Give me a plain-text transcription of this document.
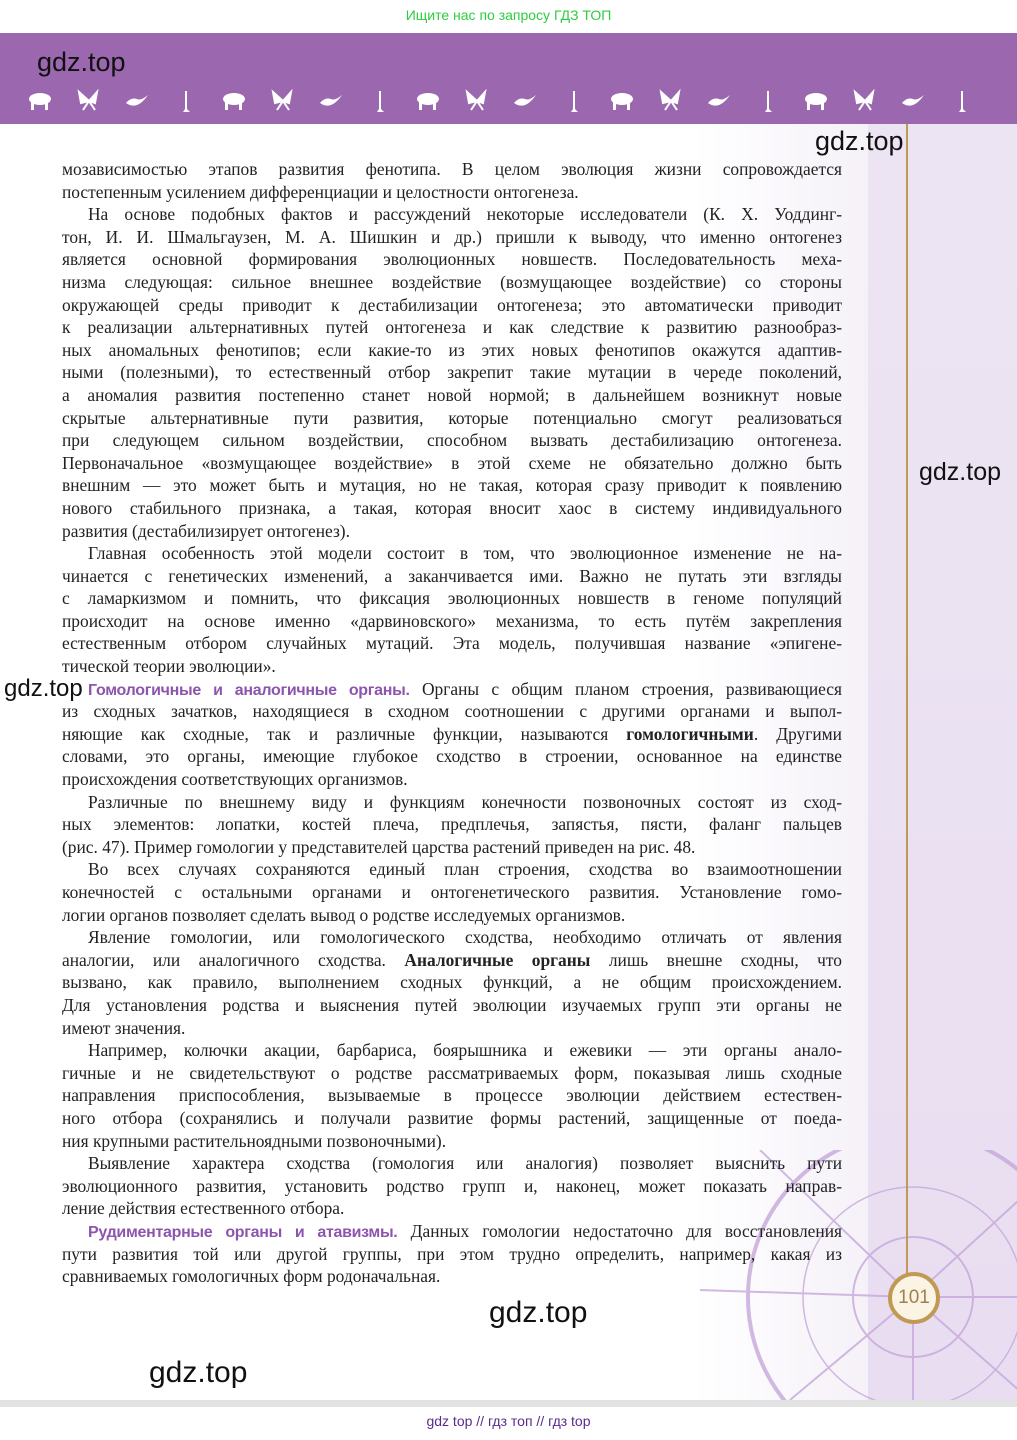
Ищите нас по запросу ГДЗ ТОП
gdz.top
101
gdz.top
gdz.top
gdz.top
gdz.top
gdz.top
мозависимостью этапов развития фенотипа. В целом эволюция жизни сопровождается
постепенным усилением дифференциации и целостности онтогенеза.
На основе подобных фактов и рассуждений некоторые исследователи (К. Х. Уоддинг-
тон, И. И. Шмальгаузен, М. А. Шишкин и др.) пришли к выводу, что именно онтогенез
является основной формирования эволюционных новшеств. Последовательность меха-
низма следующая: сильное внешнее воздействие (возмущающее воздействие) со стороны
окружающей среды приводит к дестабилизации онтогенеза; это автоматически приводит
к реализации альтернативных путей онтогенеза и как следствие к развитию разнообраз-
ных аномальных фенотипов; если какие-то из этих новых фенотипов окажутся адаптив-
ными (полезными), то естественный отбор закрепит такие мутации в череде поколений,
а аномалия развития постепенно станет новой нормой; в дальнейшем возникнут новые
скрытые альтернативные пути развития, которые потенциально смогут реализоваться
при следующем сильном воздействии, способном вызвать дестабилизацию онтогенеза.
Первоначальное «возмущающее воздействие» в этой схеме не обязательно должно быть
внешним — это может быть и мутация, но не такая, которая сразу приводит к появлению
нового стабильного признака, а такая, которая вносит хаос в систему индивидуального
развития (дестабилизирует онтогенез).
Главная особенность этой модели состоит в том, что эволюционное изменение не на-
чинается с генетических изменений, а заканчивается ими. Важно не путать эти взгляды
с ламаркизмом и помнить, что фиксация эволюционных новшеств в геноме популяций
происходит на основе именно «дарвиновского» механизма, то есть путём закрепления
естественным отбором случайных мутаций. Эта модель, получившая название «эпигене-
тической теории эволюции».
Гомологичные и аналогичные органы. Органы с общим планом строения, развивающиеся
из сходных зачатков, находящиеся в сходном соотношении с другими органами и выпол-
няющие как сходные, так и различные функции, называются гомологичными. Другими
словами, это органы, имеющие глубокое сходство в строении, основанное на единстве
происхождения соответствующих организмов.
Различные по внешнему виду и функциям конечности позвоночных состоят из сход-
ных элементов: лопатки, костей плеча, предплечья, запястья, пясти, фаланг пальцев
(рис. 47). Пример гомологии у представителей царства растений приведен на рис. 48.
Во всех случаях сохраняются единый план строения, сходства во взаимоотношении
конечностей с остальными органами и онтогенетического развития. Установление гомо-
логии органов позволяет сделать вывод о родстве исследуемых организмов.
Явление гомологии, или гомологического сходства, необходимо отличать от явления
аналогии, или аналогичного сходства. Аналогичные органы лишь внешне сходны, что
вызвано, как правило, выполнением сходных функций, а не общим происхождением.
Для установления родства и выяснения путей эволюции изучаемых групп эти органы не
имеют значения.
Например, колючки акации, барбариса, боярышника и ежевики — эти органы анало-
гичные и не свидетельствуют о родстве рассматриваемых форм, показывая лишь сходные
направления приспособления, вызываемые в процессе эволюции действием естествен-
ного отбора (сохранялись и получали развитие формы растений, защищенные от поеда-
ния крупными растительноядными позвоночными).
Выявление характера сходства (гомология или аналогия) позволяет выяснить пути
эволюционного развития, установить родство групп и, наконец, может показать направ-
ление действия естественного отбора.
Рудиментарные органы и атавизмы. Данных гомологии недостаточно для восстановления
пути развития той или другой группы, при этом трудно определить, например, какая из
сравниваемых гомологичных форм родоначальная.
gdz top // гдз топ // гдз top
